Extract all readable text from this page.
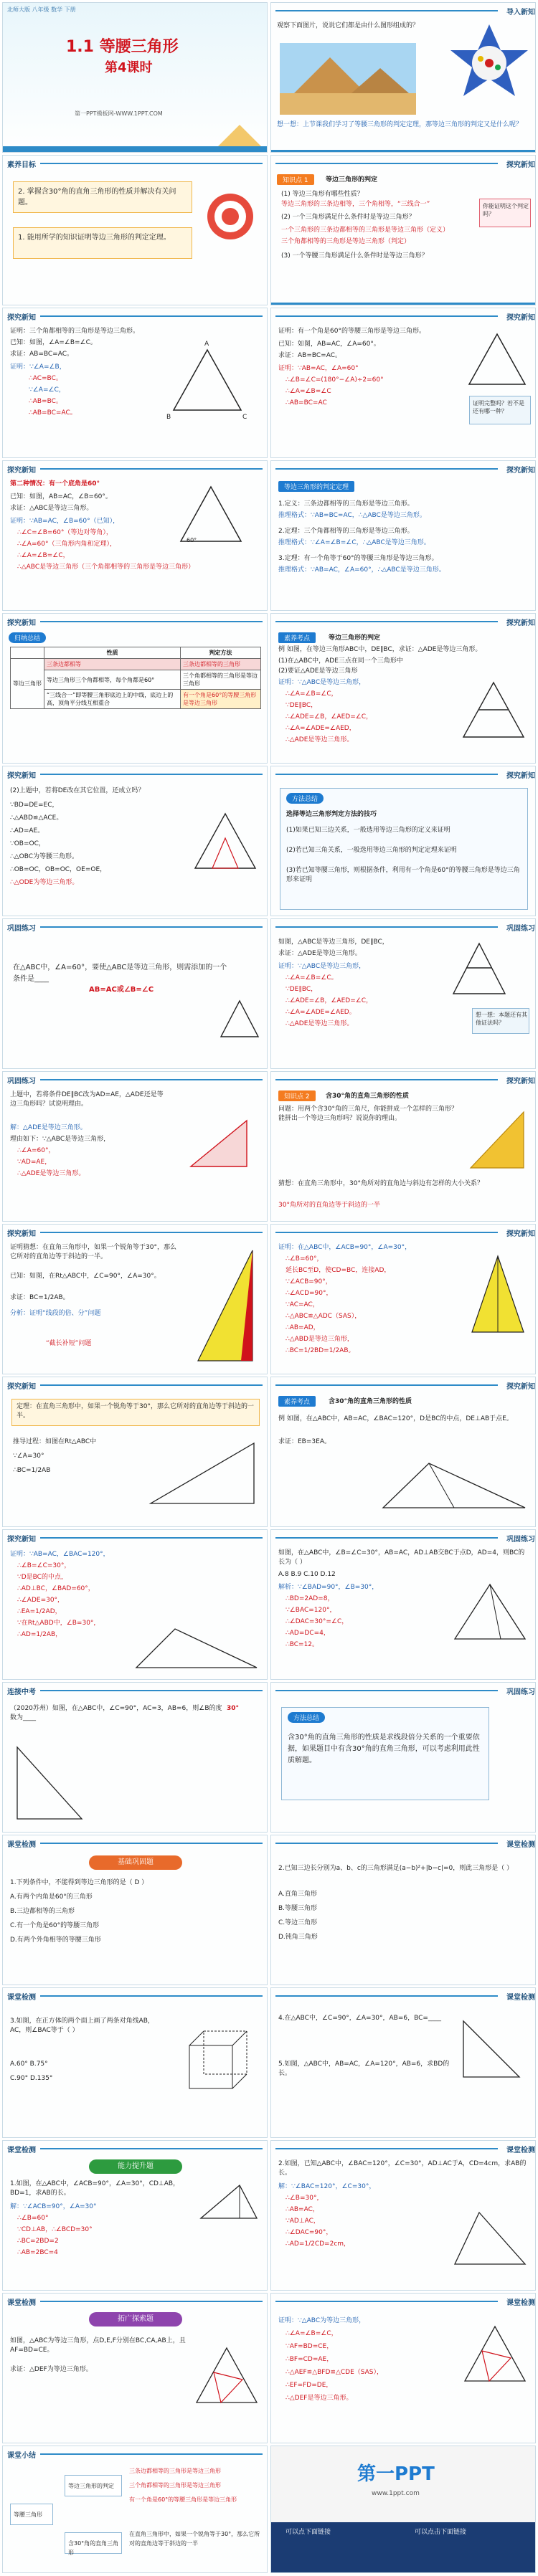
北师大版 八年级 数学 下册
1.1 等腰三角形
第4课时
第一PPT模板网-WWW.1PPT.COM
导入新知
观察下面图片，说说它们都是由什么图形组成的？
想一想：上节课我们学习了等腰三角形的判定定理，那等边三角形的判定又是什么呢？
素养目标
2. 掌握含30°角的直角三角形的性质并解决有关问题。
1. 能用所学的知识证明等边三角形的判定定理。
探究新知
知识点 1	等边三角形的判定
(1) 等边三角形有哪些性质？
等边三角形的三条边相等，三个角相等，“三线合一”
(2) 一个三角形满足什么条件时是等边三角形？
一个三角形的三条边都相等的三角形是等边三角形（定义）
三个角都相等的三角形是等边三角形（判定）
(3) 一个等腰三角形满足什么条件时是等边三角形？
你能证明这个判定吗？
探究新知
证明：三个角都相等的三角形是等边三角形。
已知：如图，∠A=∠B=∠C。
求证：AB=BC=AC。
证明：∵∠A=∠B，
∴AC=BC。
∵∠A=∠C，
∴AB=BC。
∴AB=BC=AC。
A
B	C
探究新知
证明：有一个角是60°的等腰三角形是等边三角形。
已知：如图，AB=AC，∠A=60°。
求证：AB=BC=AC。
证明：∵AB=AC，∠A=60°
∴∠B=∠C=(180°−∠A)÷2=60°
∴∠A=∠B=∠C
∴AB=BC=AC	证明完整吗？若不是还有哪一种？
探究新知
第二种情况：有一个底角是60°
已知：如图，AB=AC，∠B=60°。
求证：△ABC是等边三角形。
证明：∵AB=AC，∠B=60°（已知），
∴∠C=∠B=60°（等边对等角），
∴∠A=60°（三角形内角和定理），
∴∠A=∠B=∠C，
∴△ABC是等边三角形（三个角都相等的三角形是等边三角形）
60°
探究新知
等边三角形的判定定理
1.定义：三条边都相等的三角形是等边三角形。
推理格式：∵AB=BC=AC，∴△ABC是等边三角形。
2.定理：三个角都相等的三角形是等边三角形。
推理格式：∵∠A=∠B=∠C，∴△ABC是等边三角形。
3.定理：有一个角等于60°的等腰三角形是等边三角形。
推理格式：∵AB=AC，∠A=60°，∴△ABC是等边三角形。
探究新知
归纳总结
	性质	判定方法
等边三角形	三条边都相等	三条边都相等的三角形
	等边三角形三个角都相等，每个角都是60°	三个角都相等的三角形是等边三角形
	“三线合一”即等腰三角形底边上的中线，底边上的高，顶角平分线互相重合	有一个角是60°的等腰三角形是等边三角形
探究新知
素养考点	等边三角形的判定
例 如图，在等边三角形ABC中，DE∥BC，求证：△ADE是等边三角形。
(1)在△ABC中，ADE三点在同一个三角形中
(2)要证△ADE是等边三角形
证明：∵△ABC是等边三角形，
∴∠A=∠B=∠C，
∵DE∥BC，
∴∠ADE=∠B，∠AED=∠C，
∴∠A=∠ADE=∠AED，
∴△ADE是等边三角形。
探究新知
(2)上题中，若将DE改在其它位置，还成立吗？
∵BD=DE=EC，
∴△ABD≌△ACE。
∴AD=AE。
∵OB=OC，
∴△OBC为等腰三角形。
∴OB=OC，OB=OC，OE=OE，
∴△ODE为等边三角形。
探究新知
方法总结
选择等边三角形判定方法的技巧
(1)如果已知三边关系，一般选用等边三角形的定义来证明
(2)若已知三角关系，一般选用等边三角形的判定定理来证明
(3)若已知等腰三角形，则根据条件，利用有一个角是60°的等腰三角形是等边三角形来证明
巩固练习
在△ABC中，∠A=60°，要使△ABC是等边三角形，则需添加的一个条件是____
AB=AC或∠B=∠C
巩固练习
如图，△ABC是等边三角形，DE∥BC，
求证：△ADE是等边三角形。
证明：∵△ABC是等边三角形，
∴∠A=∠B=∠C。
∵DE∥BC，
∴∠ADE=∠B，∠AED=∠C，
∴∠A=∠ADE=∠AED。
∴△ADE是等边三角形。
想一想：本题还有其他证法吗？
巩固练习
上题中，若将条件DE∥BC改为AD=AE，△ADE还是等边三角形吗？试说明理由。
解：△ADE是等边三角形。
理由如下：∵△ABC是等边三角形，
∴∠A=60°，
∵AD=AE，
∴△ADE是等边三角形。
探究新知
知识点 2	含30°角的直角三角形的性质
问题：用两个含30°角的三角尺，你能拼成一个怎样的三角形？能拼出一个等边三角形吗？说说你的理由。
猜想：在直角三角形中，30°角所对的直角边与斜边有怎样的大小关系？
30°角所对的直角边等于斜边的一半
探究新知
证明猜想：在直角三角形中，如果一个锐角等于30°，那么它所对的直角边等于斜边的一半。
已知：如图，在Rt△ABC中，∠C=90°，∠A=30°。
求证：BC=1/2AB。
分析：证明“线段的倍、分”问题
“截长补短”问题
探究新知
证明：在△ABC中，∠ACB=90°，∠A=30°，
∴∠B=60°，
延长BC至D，使CD=BC，连接AD，
∵∠ACB=90°，
∴∠ACD=90°，
∵AC=AC，
∴△ABC≌△ADC（SAS），
∴AB=AD，
∴△ABD是等边三角形，
∴BC=1/2BD=1/2AB。
探究新知
定理：在直角三角形中，如果一个锐角等于30°，那么它所对的直角边等于斜边的一半。
推导过程：如图在Rt△ABC中
∵∠A=30°
∴BC=1/2AB
探究新知
素养考点	含30°角的直角三角形的性质
例 如图，在△ABC中，AB=AC，∠BAC=120°，D是BC的中点，DE⊥AB于点E。
求证：EB=3EA。
探究新知
证明：∵AB=AC，∠BAC=120°，
∴∠B=∠C=30°，
∵D是BC的中点，
∴AD⊥BC，∠BAD=60°，
∴∠ADE=30°，
∴EA=1/2AD，
∵在Rt△ABD中，∠B=30°，
∴AD=1/2AB，
巩固练习
如图，在△ABC中，∠B=∠C=30°，AB=AC，AD⊥AB交BC于点D，AD=4，则BC的长为（ ）
A.8 B.9 C.10 D.12
解析：∵∠BAD=90°，∠B=30°，
∴BD=2AD=8，
∵∠BAC=120°，
∴∠DAC=30°=∠C，
∴AD=DC=4，
∴BC=12。
连接中考
（2020苏州）如图，在△ABC中，∠C=90°，AC=3，AB=6，则∠B的度数为____
30°
巩固练习
方法总结
含30°角的直角三角形的性质是求线段倍分关系的一个重要依据，如果题目中有含30°角的直角三角形，可以考虑利用此性质解题。
课堂检测
基础巩固题
1.下列条件中，不能得到等边三角形的是（ D ）
A.有两个内角是60°的三角形
B.三边都相等的三角形
C.有一个角是60°的等腰三角形
D.有两个外角相等的等腰三角形
课堂检测
2.已知三边长分别为a、b、c的三角形满足(a−b)²+|b−c|=0，则此三角形是（ ）
A.直角三角形
B.等腰三角形
C.等边三角形
D.钝角三角形
课堂检测
3.如图，在正方体的两个面上画了两条对角线AB，AC，则∠BAC等于（ ）
A.60° B.75°
C.90° D.135°
课堂检测
4.在△ABC中，∠C=90°，∠A=30°，AB=6，BC=____
5.如图，△ABC中，AB=AC，∠A=120°，AB=6，求BD的长。
课堂检测
能力提升题
1.如图，在△ABC中，∠ACB=90°，∠A=30°，CD⊥AB，BD=1，求AB的长。
解：∵∠ACB=90°，∠A=30°
∴∠B=60°
∵CD⊥AB，∴∠BCD=30°
∴BC=2BD=2
∴AB=2BC=4
课堂检测
2.如图，已知△ABC中，∠BAC=120°，∠C=30°，AD⊥AC于A，CD=4cm，求AB的长。
解：∵∠BAC=120°，∠C=30°，
∴∠B=30°，
∴AB=AC，
∵AD⊥AC，
∴∠DAC=90°，
∴AD=1/2CD=2cm，
课堂检测
拓广探索题
如图，△ABC为等边三角形，点D,E,F分别在BC,CA,AB上，且AF=BD=CE。
求证：△DEF为等边三角形。
课堂检测
证明：∵△ABC为等边三角形，
∴∠A=∠B=∠C，
∵AF=BD=CE，
∴BF=CD=AE，
∴△AEF≌△BFD≌△CDE（SAS），
∴EF=FD=DE，
∴△DEF是等边三角形。
课堂小结
等腰三角形
等边三角形的判定
含30°角的直角三角形
三条边都相等的三角形是等边三角形
三个角都相等的三角形是等边三角形
有一个角是60°的等腰三角形是等边三角形
在直角三角形中，如果一个锐角等于30°，那么它所对的直角边等于斜边的一半
第一PPT
www.1ppt.com
可以点下面链接	可以点击下面链接
